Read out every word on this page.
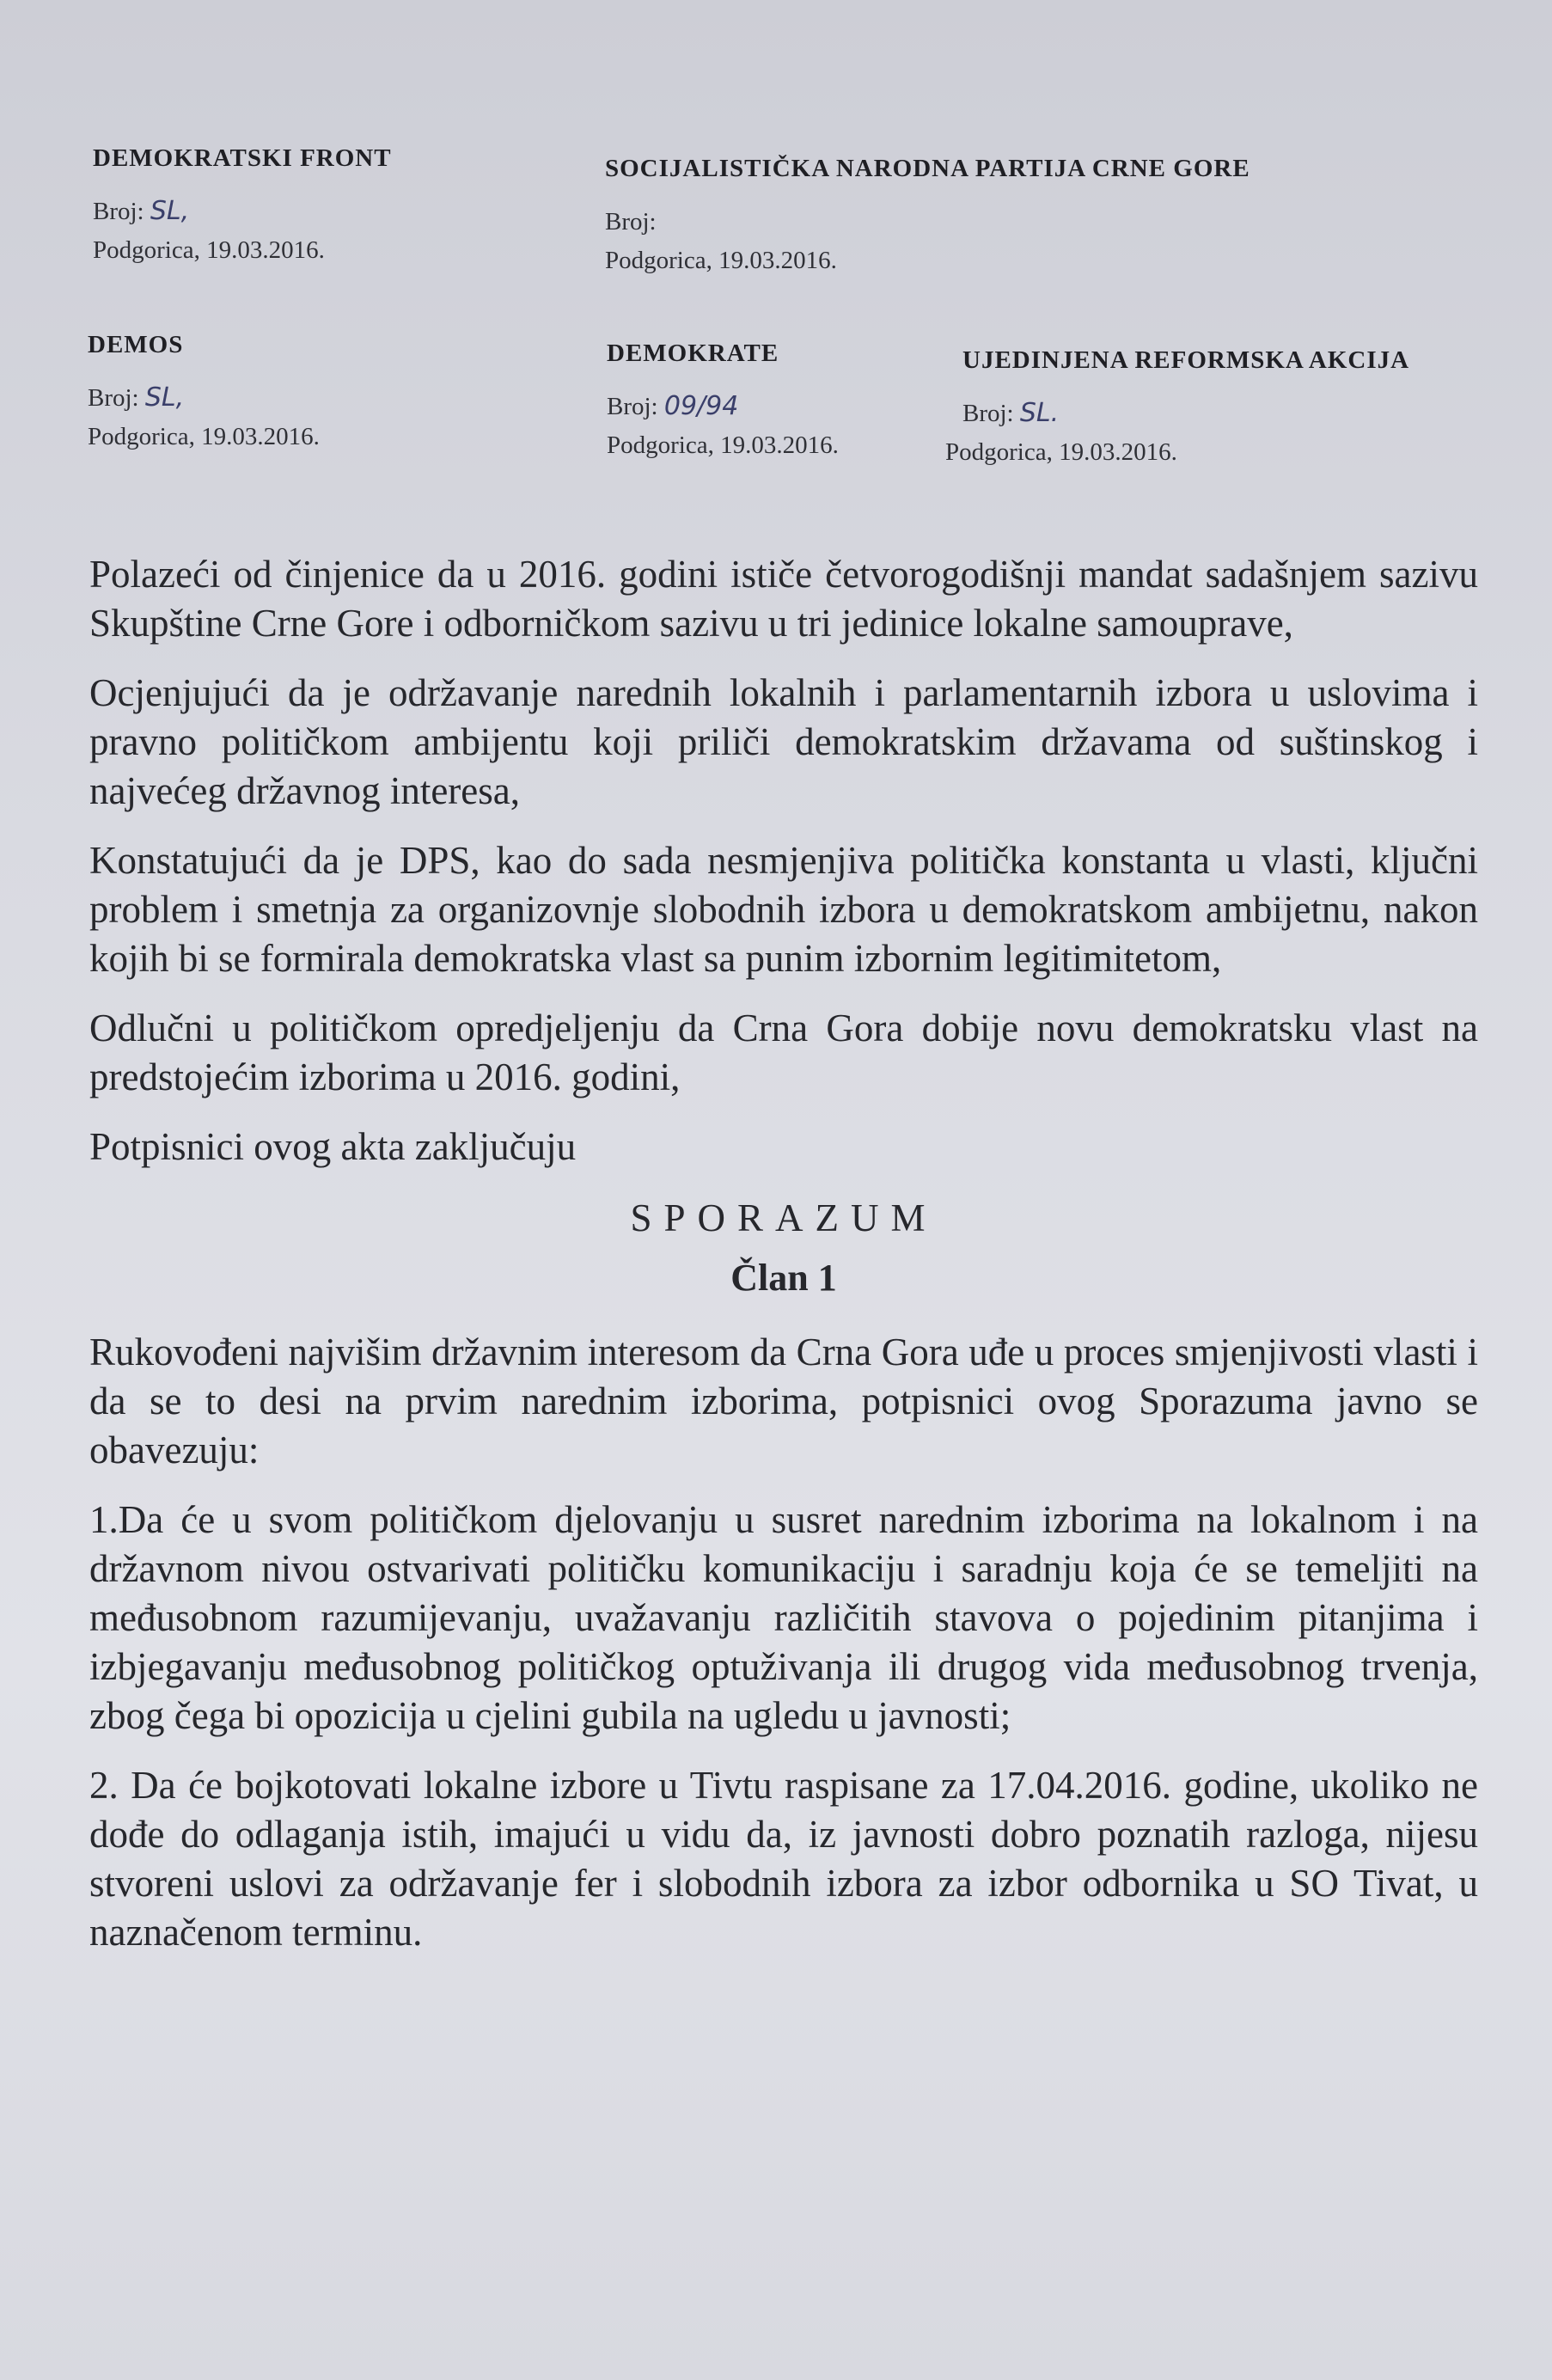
DEMOKRATSKI FRONT
Broj: SL,
Podgorica, 19.03.2016.
SOCIJALISTIČKA NARODNA PARTIJA CRNE GORE
Broj:
Podgorica, 19.03.2016.
DEMOS
Broj: SL,
Podgorica, 19.03.2016.
DEMOKRATE
Broj: 09/94
Podgorica, 19.03.2016.
UJEDINJENA REFORMSKA AKCIJA
Broj: SL.
Podgorica, 19.03.2016.

Polazeći od činjenice da u 2016. godini ističe četvorogodišnji mandat sadašnjem sazivu Skupštine Crne Gore i odborničkom sazivu u tri jedinice lokalne samouprave,

Ocjenjujući da je održavanje narednih lokalnih i parlamentarnih izbora u uslovima i pravno političkom ambijentu koji priliči demokratskim državama od suštinskog i najvećeg državnog interesa,

Konstatujući da je DPS, kao do sada nesmjenjiva politička konstanta u vlasti, ključni problem i smetnja za organizovnje slobodnih izbora u demokratskom ambijetnu, nakon kojih bi se formirala demokratska vlast sa punim izbornim legitimitetom,

Odlučni u političkom opredjeljenju da Crna Gora dobije novu demokratsku vlast na predstojećim izborima u 2016. godini,

Potpisnici ovog akta zaključuju

SPORAZUM

Član 1

Rukovođeni najvišim državnim interesom da Crna Gora uđe u proces smjenjivosti vlasti i da se to desi na prvim narednim izborima, potpisnici ovog Sporazuma javno se obavezuju:

1.Da će u svom političkom djelovanju u susret narednim izborima na lokalnom i na državnom nivou ostvarivati političku komunikaciju i saradnju koja će se temeljiti na međusobnom razumijevanju, uvažavanju različitih stavova o pojedinim pitanjima i izbjegavanju međusobnog političkog optuživanja ili drugog vida međusobnog trvenja, zbog čega bi opozicija u cjelini gubila na ugledu u javnosti;

2. Da će bojkotovati lokalne izbore u Tivtu raspisane za 17.04.2016. godine, ukoliko ne dođe do odlaganja istih, imajući u vidu da, iz javnosti dobro poznatih razloga, nijesu stvoreni uslovi za održavanje fer i slobodnih izbora za izbor odbornika u SO Tivat, u naznačenom terminu.
